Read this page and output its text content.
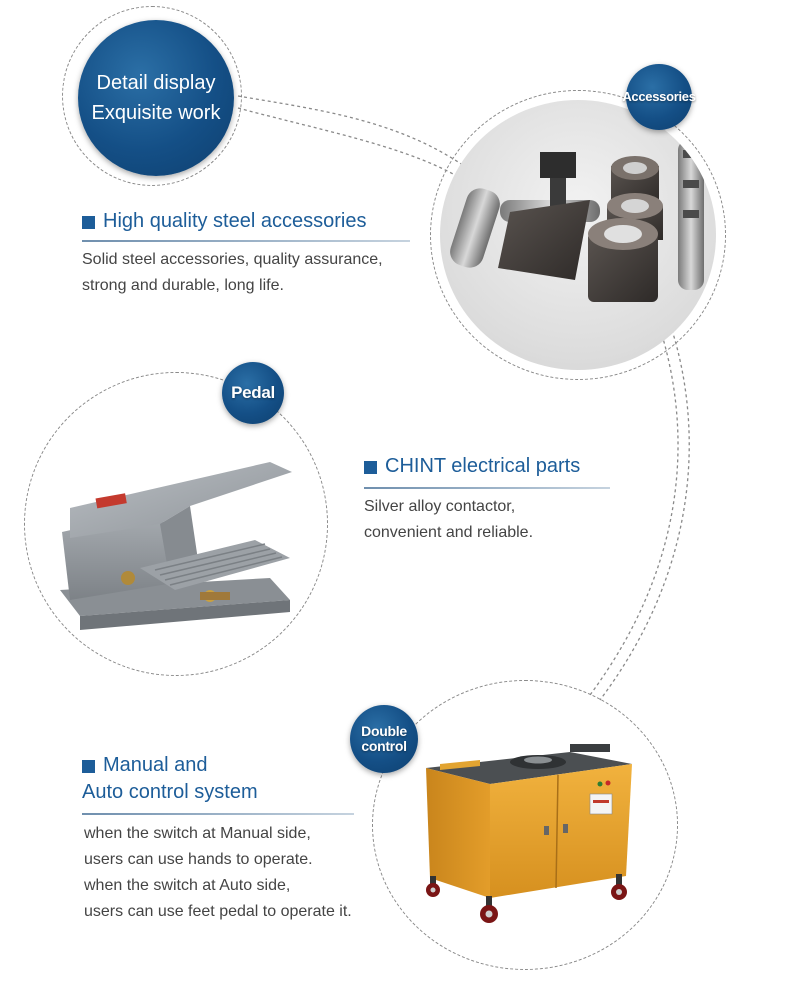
Detail display
Exquisite work
Accessories
High quality steel accessories
Solid steel accessories, quality assurance,
strong and durable, long life.
Pedal
CHINT electrical parts
Silver alloy contactor,
convenient and reliable.
Double
control
Manual and
Auto control system
when the switch at Manual side,
users can use hands to operate.
when the switch at Auto side,
users can use feet pedal to operate it.
